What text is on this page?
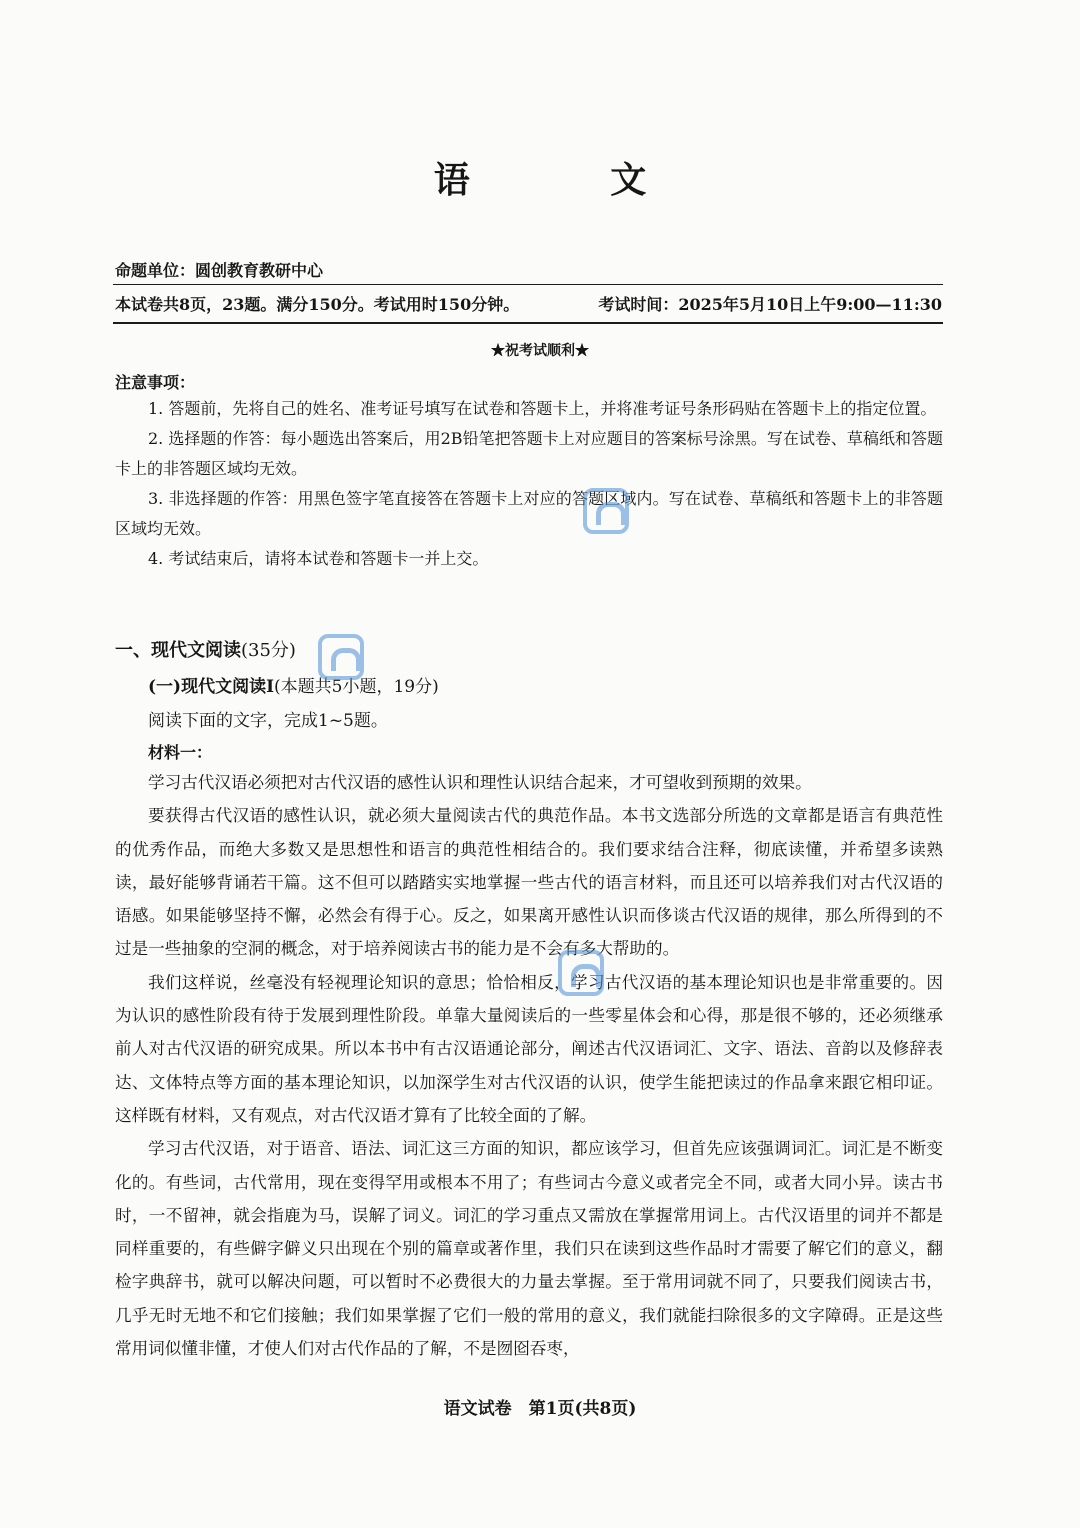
语 文
命题单位：圆创教育教研中心
本试卷共8页，23题。满分150分。考试用时150分钟。	考试时间：2025年5月10日上午9:00—11:30
★祝考试顺利★
注意事项：

1. 答题前，先将自己的姓名、准考证号填写在试卷和答题卡上，并将准考证号条形码贴在答题卡上的指定位置。

2. 选择题的作答：每小题选出答案后，用2B铅笔把答题卡上对应题目的答案标号涂黑。写在试卷、草稿纸和答题卡上的非答题区域均无效。

3. 非选择题的作答：用黑色签字笔直接答在答题卡上对应的答题区域内。写在试卷、草稿纸和答题卡上的非答题区域均无效。

4. 考试结束后，请将本试卷和答题卡一并上交。

一、现代文阅读(35分)
(一)现代文阅读Ⅰ(本题共5小题，19分)
阅读下面的文字，完成1~5题。
材料一：

学习古代汉语必须把对古代汉语的感性认识和理性认识结合起来，才可望收到预期的效果。

要获得古代汉语的感性认识，就必须大量阅读古代的典范作品。本书文选部分所选的文章都是语言有典范性的优秀作品，而绝大多数又是思想性和语言的典范性相结合的。我们要求结合注释，彻底读懂，并希望多读熟读，最好能够背诵若干篇。这不但可以踏踏实实地掌握一些古代的语言材料，而且还可以培养我们对古代汉语的语感。如果能够坚持不懈，必然会有得于心。反之，如果离开感性认识而侈谈古代汉语的规律，那么所得到的不过是一些抽象的空洞的概念，对于培养阅读古书的能力是不会有多大帮助的。

我们这样说，丝毫没有轻视理论知识的意思；恰恰相反，学习古代汉语的基本理论知识也是非常重要的。因为认识的感性阶段有待于发展到理性阶段。单靠大量阅读后的一些零星体会和心得，那是很不够的，还必须继承前人对古代汉语的研究成果。所以本书中有古汉语通论部分，阐述古代汉语词汇、文字、语法、音韵以及修辞表达、文体特点等方面的基本理论知识，以加深学生对古代汉语的认识，使学生能把读过的作品拿来跟它相印证。这样既有材料，又有观点，对古代汉语才算有了比较全面的了解。

学习古代汉语，对于语音、语法、词汇这三方面的知识，都应该学习，但首先应该强调词汇。词汇是不断变化的。有些词，古代常用，现在变得罕用或根本不用了；有些词古今意义或者完全不同，或者大同小异。读古书时，一不留神，就会指鹿为马，误解了词义。词汇的学习重点又需放在掌握常用词上。古代汉语里的词并不都是同样重要的，有些僻字僻义只出现在个别的篇章或著作里，我们只在读到这些作品时才需要了解它们的意义，翻检字典辞书，就可以解决问题，可以暂时不必费很大的力量去掌握。至于常用词就不同了，只要我们阅读古书，几乎无时无地不和它们接触；我们如果掌握了它们一般的常用的意义，我们就能扫除很多的文字障碍。正是这些常用词似懂非懂，才使人们对古代作品的了解，不是囫囵吞枣，

语文试卷　第1页(共8页)
